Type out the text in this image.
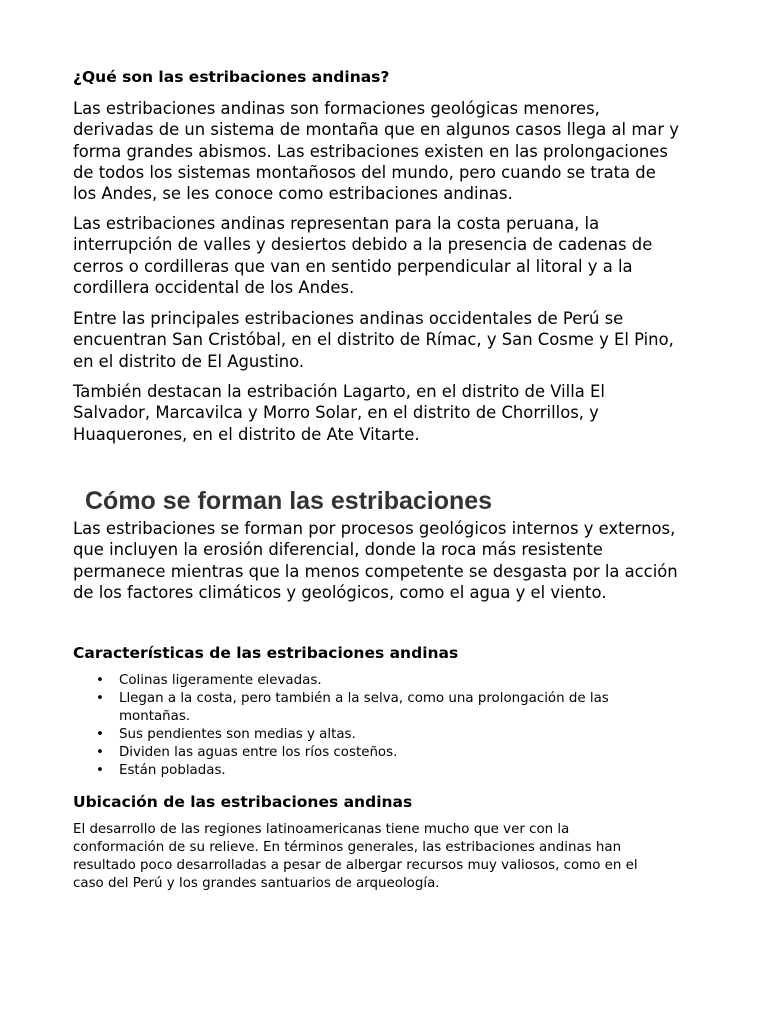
¿Qué son las estribaciones andinas?

Las estribaciones andinas son formaciones geológicas menores,
derivadas de un sistema de montaña que en algunos casos llega al mar y
forma grandes abismos. Las estribaciones existen en las prolongaciones
de todos los sistemas montañosos del mundo, pero cuando se trata de
los Andes, se les conoce como estribaciones andinas.

Las estribaciones andinas representan para la costa peruana, la
interrupción de valles y desiertos debido a la presencia de cadenas de
cerros o cordilleras que van en sentido perpendicular al litoral y a la
cordillera occidental de los Andes.

Entre las principales estribaciones andinas occidentales de Perú se
encuentran San Cristóbal, en el distrito de Rímac, y San Cosme y El Pino,
en el distrito de El Agustino.

También destacan la estribación Lagarto, en el distrito de Villa El
Salvador, Marcavilca y Morro Solar, en el distrito de Chorrillos, y
Huaquerones, en el distrito de Ate Vitarte.

Cómo se forman las estribaciones

Las estribaciones se forman por procesos geológicos internos y externos,
que incluyen la erosión diferencial, donde la roca más resistente
permanece mientras que la menos competente se desgasta por la acción
de los factores climáticos y geológicos, como el agua y el viento.

Características de las estribaciones andinas
• Colinas ligeramente elevadas.
• Llegan a la costa, pero también a la selva, como una prolongación de las
montañas.
• Sus pendientes son medias y altas.
• Dividen las aguas entre los ríos costeños.
• Están pobladas.
Ubicación de las estribaciones andinas

El desarrollo de las regiones latinoamericanas tiene mucho que ver con la
conformación de su relieve. En términos generales, las estribaciones andinas han
resultado poco desarrolladas a pesar de albergar recursos muy valiosos, como en el
caso del Perú y los grandes santuarios de arqueología.
